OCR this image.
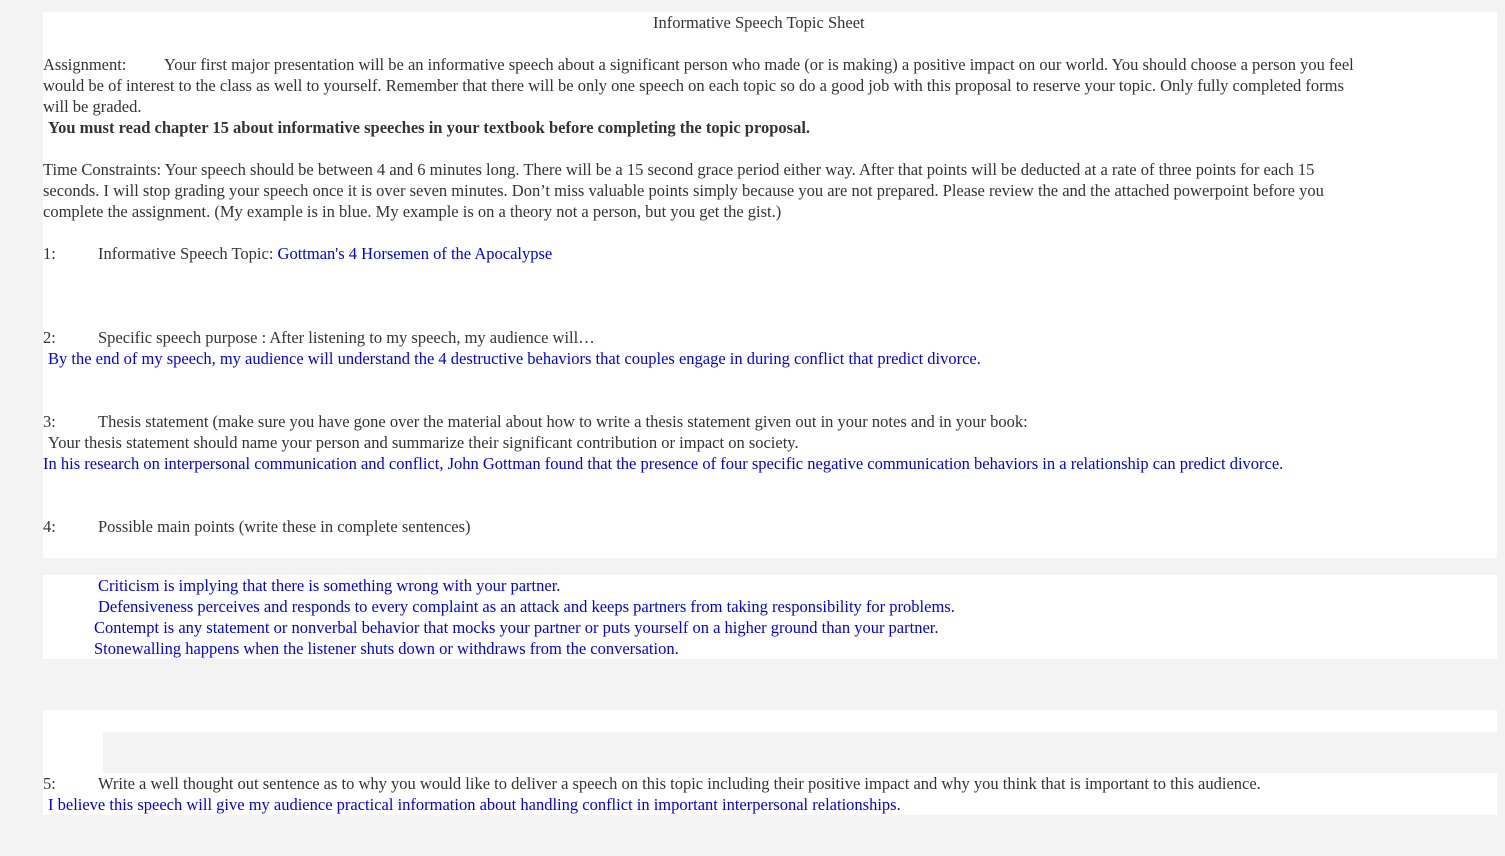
Informative Speech Topic Sheet
Assignment: Your first major presentation will be an informative speech about a significant person who made (or is making) a positive impact on our world. You should choose a person you feel
would be of interest to the class as well to yourself. Remember that there will be only one speech on each topic so do a good job with this proposal to reserve your topic. Only fully completed forms
will be graded.
You must read chapter 15 about informative speeches in your textbook before completing the topic proposal.
Time Constraints: Your speech should be between 4 and 6 minutes long. There will be a 15 second grace period either way. After that points will be deducted at a rate of three points for each 15
seconds. I will stop grading your speech once it is over seven minutes. Don’t miss valuable points simply because you are not prepared. Please review the and the attached powerpoint before you
complete the assignment. (My example is in blue. My example is on a theory not a person, but you get the gist.)
1:	Informative Speech Topic: Gottman's 4 Horsemen of the Apocalypse
2:	Specific speech purpose : After listening to my speech, my audience will…
By the end of my speech, my audience will understand the 4 destructive behaviors that couples engage in during conflict that predict divorce.
3:	Thesis statement (make sure you have gone over the material about how to write a thesis statement given out in your notes and in your book:
Your thesis statement should name your person and summarize their significant contribution or impact on society.
In his research on interpersonal communication and conflict, John Gottman found that the presence of four specific negative communication behaviors in a relationship can predict divorce.
4:	Possible main points (write these in complete sentences)
Criticism is implying that there is something wrong with your partner.
Defensiveness perceives and responds to every complaint as an attack and keeps partners from taking responsibility for problems.
Contempt is any statement or nonverbal behavior that mocks your partner or puts yourself on a higher ground than your partner.
Stonewalling happens when the listener shuts down or withdraws from the conversation.
5:	Write a well thought out sentence as to why you would like to deliver a speech on this topic including their positive impact and why you think that is important to this audience.
I believe this speech will give my audience practical information about handling conflict in important interpersonal relationships.
